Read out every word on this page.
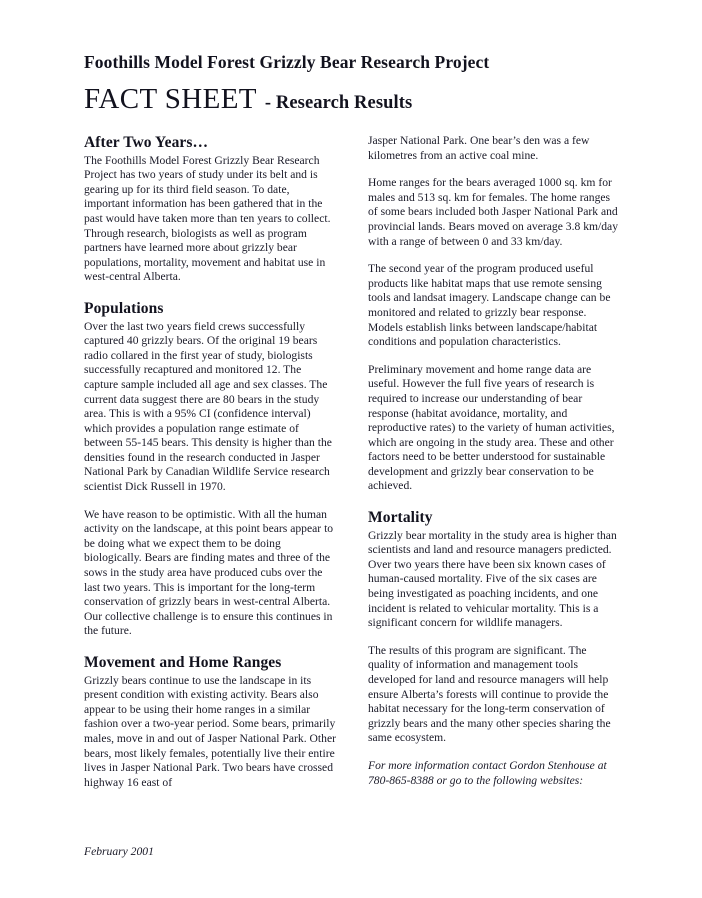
Foothills Model Forest Grizzly Bear Research Project
FACT SHEET - Research Results
After Two Years…

The Foothills Model Forest Grizzly Bear Research Project has two years of study under its belt and is gearing up for its third field season. To date, important information has been gathered that in the past would have taken more than ten years to collect. Through research, biologists as well as program partners have learned more about grizzly bear populations, mortality, movement and habitat use in west-central Alberta.

Populations

Over the last two years field crews successfully captured 40 grizzly bears. Of the original 19 bears radio collared in the first year of study, biologists successfully recaptured and monitored 12. The capture sample included all age and sex classes. The current data suggest there are 80 bears in the study area. This is with a 95% CI (confidence interval) which provides a population range estimate of between 55-145 bears. This density is higher than the densities found in the research conducted in Jasper National Park by Canadian Wildlife Service research scientist Dick Russell in 1970.

We have reason to be optimistic. With all the human activity on the landscape, at this point bears appear to be doing what we expect them to be doing biologically. Bears are finding mates and three of the sows in the study area have produced cubs over the last two years. This is important for the long-term conservation of grizzly bears in west-central Alberta. Our collective challenge is to ensure this continues in the future.

Movement and Home Ranges

Grizzly bears continue to use the landscape in its present condition with existing activity. Bears also appear to be using their home ranges in a similar fashion over a two-year period. Some bears, primarily males, move in and out of Jasper National Park. Other bears, most likely females, potentially live their entire lives in Jasper National Park. Two bears have crossed highway 16 east of

Jasper National Park. One bear’s den was a few kilometres from an active coal mine.

Home ranges for the bears averaged 1000 sq. km for males and 513 sq. km for females. The home ranges of some bears included both Jasper National Park and provincial lands. Bears moved on average 3.8 km/day with a range of between 0 and 33 km/day.

The second year of the program produced useful products like habitat maps that use remote sensing tools and landsat imagery. Landscape change can be monitored and related to grizzly bear response. Models establish links between landscape/habitat conditions and population characteristics.

Preliminary movement and home range data are useful. However the full five years of research is required to increase our understanding of bear response (habitat avoidance, mortality, and reproductive rates) to the variety of human activities, which are ongoing in the study area. These and other factors need to be better understood for sustainable development and grizzly bear conservation to be achieved.

Mortality

Grizzly bear mortality in the study area is higher than scientists and land and resource managers predicted. Over two years there have been six known cases of human-caused mortality. Five of the six cases are being investigated as poaching incidents, and one incident is related to vehicular mortality. This is a significant concern for wildlife managers.

The results of this program are significant. The quality of information and management tools developed for land and resource managers will help ensure Alberta’s forests will continue to provide the habitat necessary for the long-term conservation of grizzly bears and the many other species sharing the same ecosystem.

For more information contact Gordon Stenhouse at 780-865-8388 or go to the following websites:

February 2001
